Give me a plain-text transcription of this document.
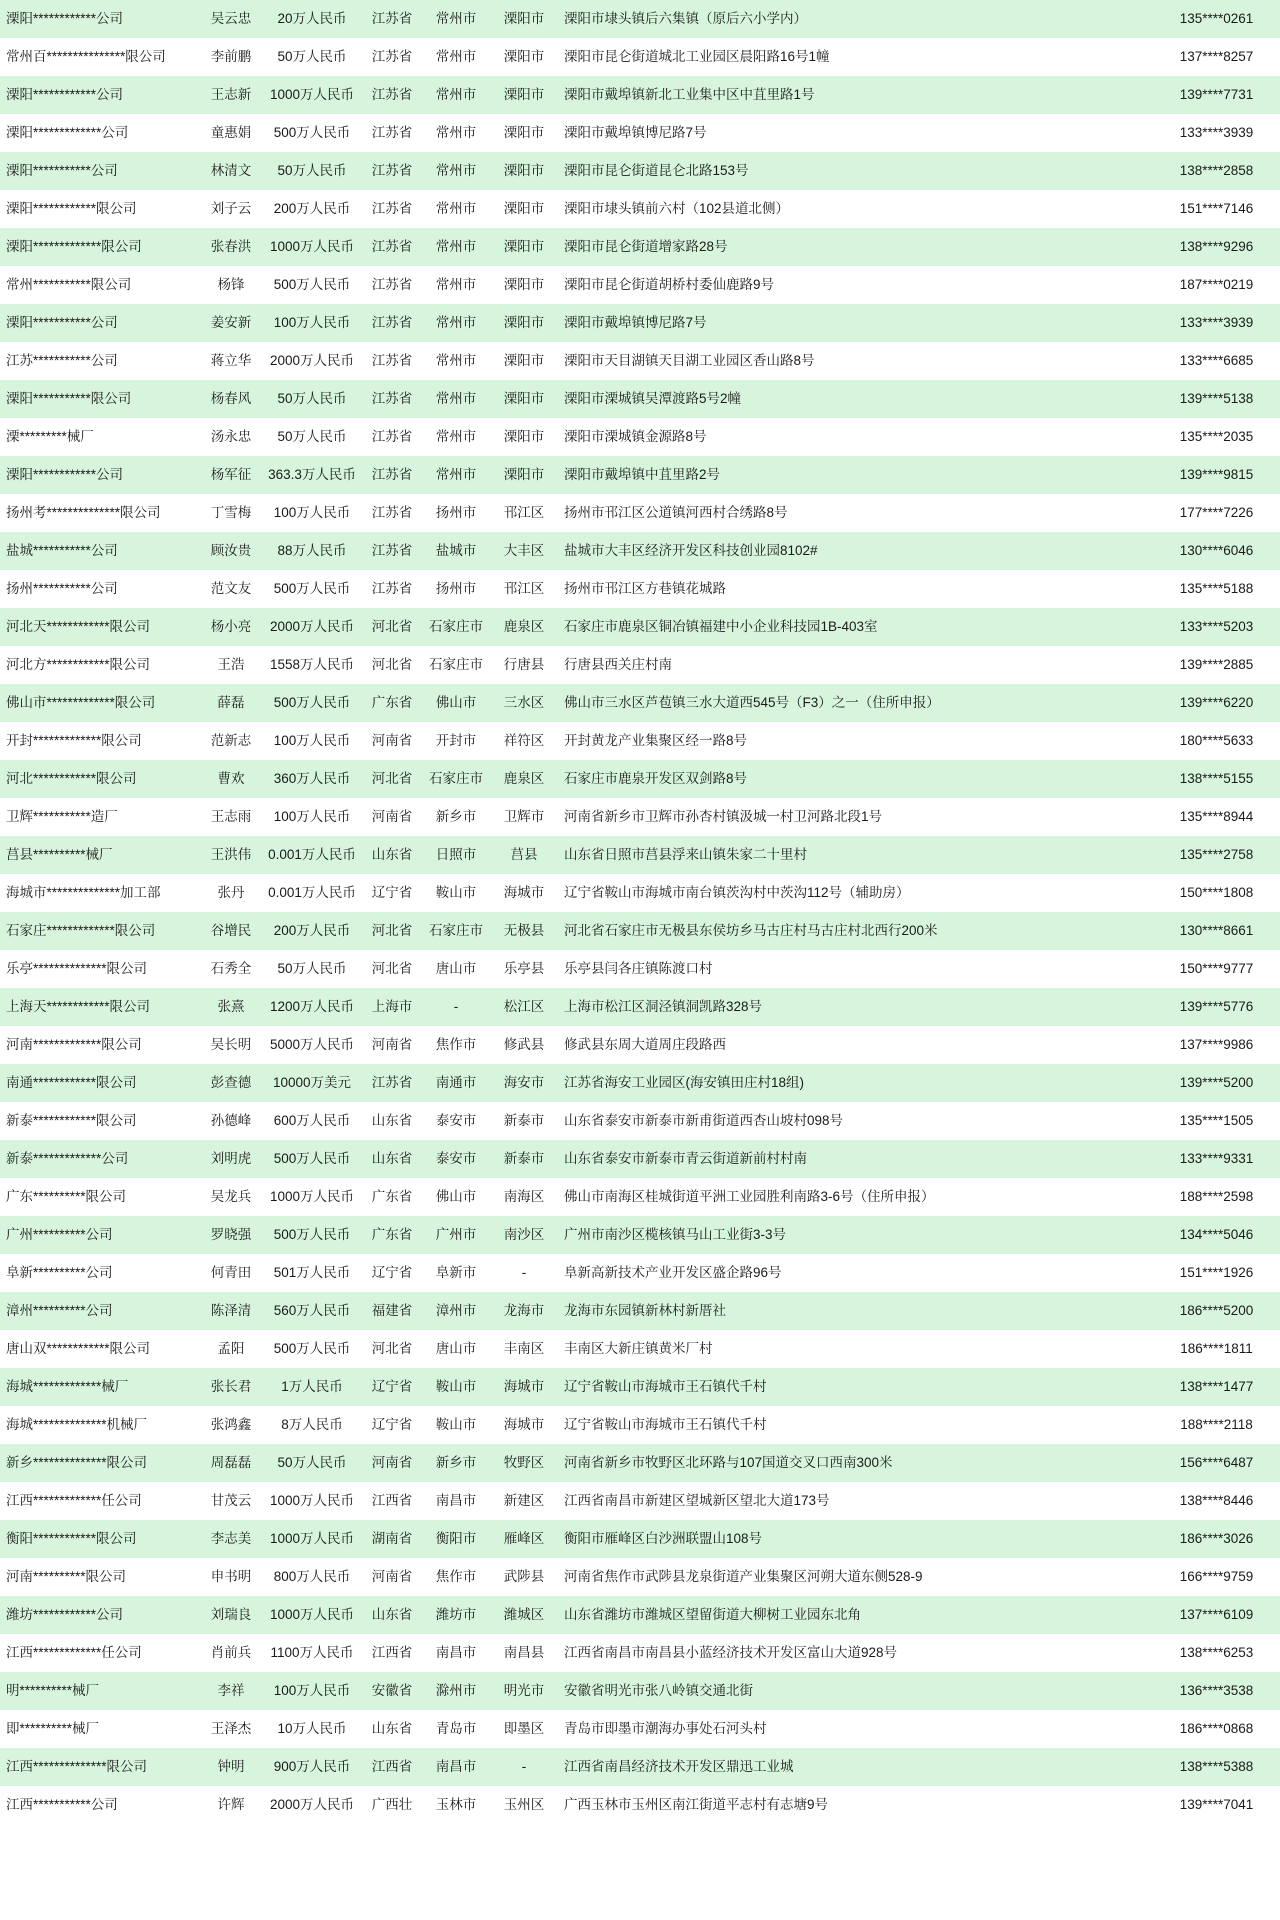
溧阳************公司	吴云忠	20万人民币	江苏省	常州市	溧阳市	溧阳市埭头镇后六集镇（原后六小学内）	135****0261
常州百***************限公司	李前鹏	50万人民币	江苏省	常州市	溧阳市	溧阳市昆仑街道城北工业园区晨阳路16号1幢	137****8257
溧阳************公司	王志新	1000万人民币	江苏省	常州市	溧阳市	溧阳市戴埠镇新北工业集中区中苴里路1号	139****7731
溧阳*************公司	童惠娟	500万人民币	江苏省	常州市	溧阳市	溧阳市戴埠镇博尼路7号	133****3939
溧阳***********公司	林清文	50万人民币	江苏省	常州市	溧阳市	溧阳市昆仑街道昆仑北路153号	138****2858
溧阳************限公司	刘子云	200万人民币	江苏省	常州市	溧阳市	溧阳市埭头镇前六村（102县道北侧）	151****7146
溧阳*************限公司	张春洪	1000万人民币	江苏省	常州市	溧阳市	溧阳市昆仑街道增家路28号	138****9296
常州***********限公司	杨锋	500万人民币	江苏省	常州市	溧阳市	溧阳市昆仑街道胡桥村委仙鹿路9号	187****0219
溧阳***********公司	姜安新	100万人民币	江苏省	常州市	溧阳市	溧阳市戴埠镇博尼路7号	133****3939
江苏***********公司	蒋立华	2000万人民币	江苏省	常州市	溧阳市	溧阳市天目湖镇天目湖工业园区香山路8号	133****6685
溧阳***********限公司	杨春风	50万人民币	江苏省	常州市	溧阳市	溧阳市溧城镇吴潭渡路5号2幢	139****5138
溧*********械厂	汤永忠	50万人民币	江苏省	常州市	溧阳市	溧阳市溧城镇金源路8号	135****2035
溧阳************公司	杨军征	363.3万人民币	江苏省	常州市	溧阳市	溧阳市戴埠镇中苴里路2号	139****9815
扬州考**************限公司	丁雪梅	100万人民币	江苏省	扬州市	邗江区	扬州市邗江区公道镇河西村合绣路8号	177****7226
盐城***********公司	顾汝贵	88万人民币	江苏省	盐城市	大丰区	盐城市大丰区经济开发区科技创业园8102#	130****6046
扬州***********公司	范文友	500万人民币	江苏省	扬州市	邗江区	扬州市邗江区方巷镇花城路	135****5188
河北天************限公司	杨小亮	2000万人民币	河北省	石家庄市	鹿泉区	石家庄市鹿泉区铜冶镇福建中小企业科技园1B-403室	133****5203
河北方************限公司	王浩	1558万人民币	河北省	石家庄市	行唐县	行唐县西关庄村南	139****2885
佛山市*************限公司	薛磊	500万人民币	广东省	佛山市	三水区	佛山市三水区芦苞镇三水大道西545号（F3）之一（住所申报）	139****6220
开封*************限公司	范新志	100万人民币	河南省	开封市	祥符区	开封黄龙产业集聚区经一路8号	180****5633
河北************限公司	曹欢	360万人民币	河北省	石家庄市	鹿泉区	石家庄市鹿泉开发区双剑路8号	138****5155
卫辉***********造厂	王志雨	100万人民币	河南省	新乡市	卫辉市	河南省新乡市卫辉市孙杏村镇汲城一村卫河路北段1号	135****8944
莒县**********械厂	王洪伟	0.001万人民币	山东省	日照市	莒县	山东省日照市莒县浮来山镇朱家二十里村	135****2758
海城市**************加工部	张丹	0.001万人民币	辽宁省	鞍山市	海城市	辽宁省鞍山市海城市南台镇茨沟村中茨沟112号（辅助房）	150****1808
石家庄*************限公司	谷增民	200万人民币	河北省	石家庄市	无极县	河北省石家庄市无极县东侯坊乡马古庄村马古庄村北西行200米	130****8661
乐亭**************限公司	石秀全	50万人民币	河北省	唐山市	乐亭县	乐亭县闫各庄镇陈渡口村	150****9777
上海天************限公司	张熹	1200万人民币	上海市	-	松江区	上海市松江区洞泾镇洞凯路328号	139****5776
河南*************限公司	吴长明	5000万人民币	河南省	焦作市	修武县	修武县东周大道周庄段路西	137****9986
南通************限公司	彭查德	10000万美元	江苏省	南通市	海安市	江苏省海安工业园区(海安镇田庄村18组)	139****5200
新泰************限公司	孙德峰	600万人民币	山东省	泰安市	新泰市	山东省泰安市新泰市新甫街道西杏山坡村098号	135****1505
新泰*************公司	刘明虎	500万人民币	山东省	泰安市	新泰市	山东省泰安市新泰市青云街道新前村村南	133****9331
广东**********限公司	吴龙兵	1000万人民币	广东省	佛山市	南海区	佛山市南海区桂城街道平洲工业园胜利南路3-6号（住所申报）	188****2598
广州**********公司	罗晓强	500万人民币	广东省	广州市	南沙区	广州市南沙区榄核镇马山工业街3-3号	134****5046
阜新**********公司	何青田	501万人民币	辽宁省	阜新市	-	阜新高新技术产业开发区盛企路96号	151****1926
漳州**********公司	陈泽清	560万人民币	福建省	漳州市	龙海市	龙海市东园镇新林村新厝社	186****5200
唐山双************限公司	孟阳	500万人民币	河北省	唐山市	丰南区	丰南区大新庄镇黄米厂村	186****1811
海城*************械厂	张长君	1万人民币	辽宁省	鞍山市	海城市	辽宁省鞍山市海城市王石镇代千村	138****1477
海城**************机械厂	张鸿鑫	8万人民币	辽宁省	鞍山市	海城市	辽宁省鞍山市海城市王石镇代千村	188****2118
新乡**************限公司	周磊磊	50万人民币	河南省	新乡市	牧野区	河南省新乡市牧野区北环路与107国道交叉口西南300米	156****6487
江西*************任公司	甘茂云	1000万人民币	江西省	南昌市	新建区	江西省南昌市新建区望城新区望北大道173号	138****8446
衡阳************限公司	李志美	1000万人民币	湖南省	衡阳市	雁峰区	衡阳市雁峰区白沙洲联盟山108号	186****3026
河南**********限公司	申书明	800万人民币	河南省	焦作市	武陟县	河南省焦作市武陟县龙泉街道产业集聚区河朔大道东侧528-9	166****9759
潍坊************公司	刘瑞良	1000万人民币	山东省	潍坊市	潍城区	山东省潍坊市潍城区望留街道大柳树工业园东北角	137****6109
江西*************任公司	肖前兵	1100万人民币	江西省	南昌市	南昌县	江西省南昌市南昌县小蓝经济技术开发区富山大道928号	138****6253
明**********械厂	李祥	100万人民币	安徽省	滁州市	明光市	安徽省明光市张八岭镇交通北街	136****3538
即**********械厂	王泽杰	10万人民币	山东省	青岛市	即墨区	青岛市即墨市潮海办事处石河头村	186****0868
江西**************限公司	钟明	900万人民币	江西省	南昌市	-	江西省南昌经济技术开发区鼎迅工业城	138****5388
江西***********公司	许辉	2000万人民币	广西壮	玉林市	玉州区	广西玉林市玉州区南江街道平志村有志塘9号	139****7041
